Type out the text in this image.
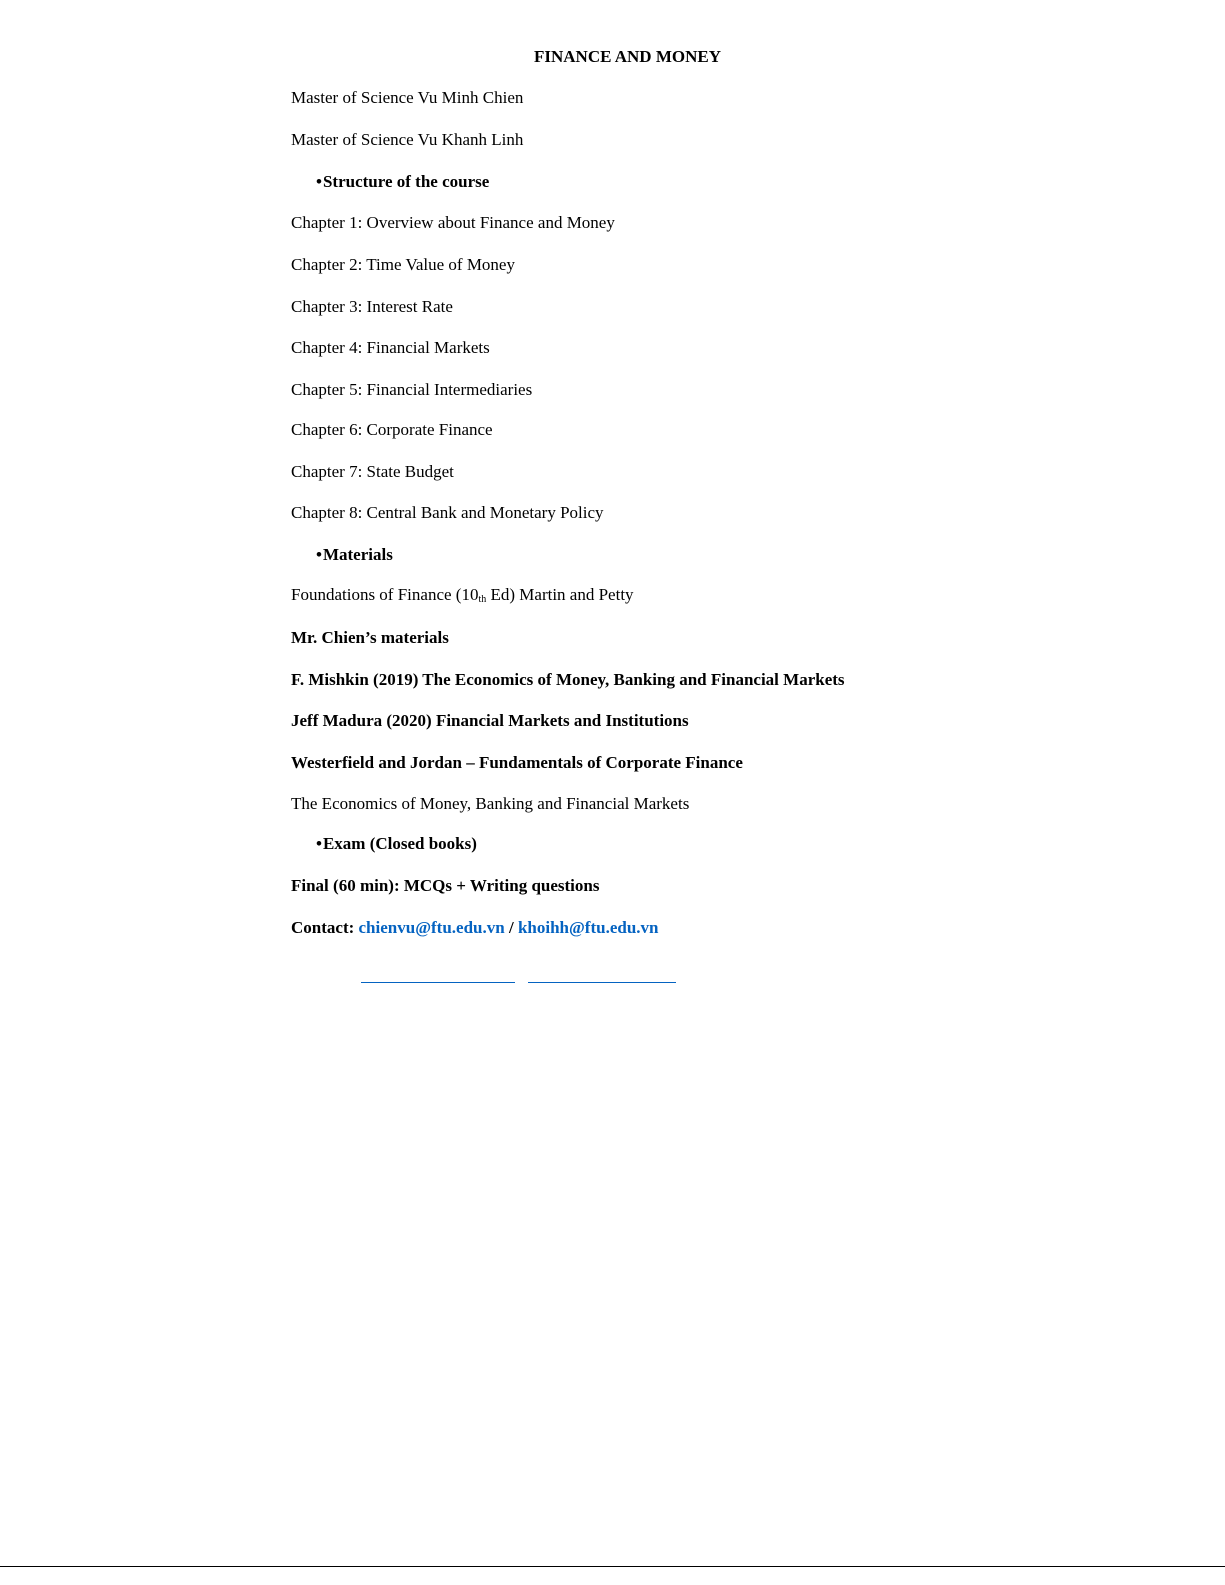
FINANCE AND MONEY
Master of Science Vu Minh Chien
Master of Science Vu Khanh Linh
•Structure of the course
Chapter 1: Overview about Finance and Money
Chapter 2: Time Value of Money
Chapter 3: Interest Rate
Chapter 4: Financial Markets
Chapter 5: Financial Intermediaries
Chapter 6: Corporate Finance
Chapter 7: State Budget
Chapter 8: Central Bank and Monetary Policy
•Materials
Foundations of Finance ($10_{th}$ Ed) Martin and Petty
Mr. Chien’s materials
F. Mishkin (2019) The Economics of Money, Banking and Financial Markets
Jeff Madura (2020) Financial Markets and Institutions
Westerfield and Jordan – Fundamentals of Corporate Finance
The Economics of Money, Banking and Financial Markets
•Exam (Closed books)
Final (60 min): MCQs + Writing questions
Contact: chienvu@ftu.edu.vn / khoihh@ftu.edu.vn
